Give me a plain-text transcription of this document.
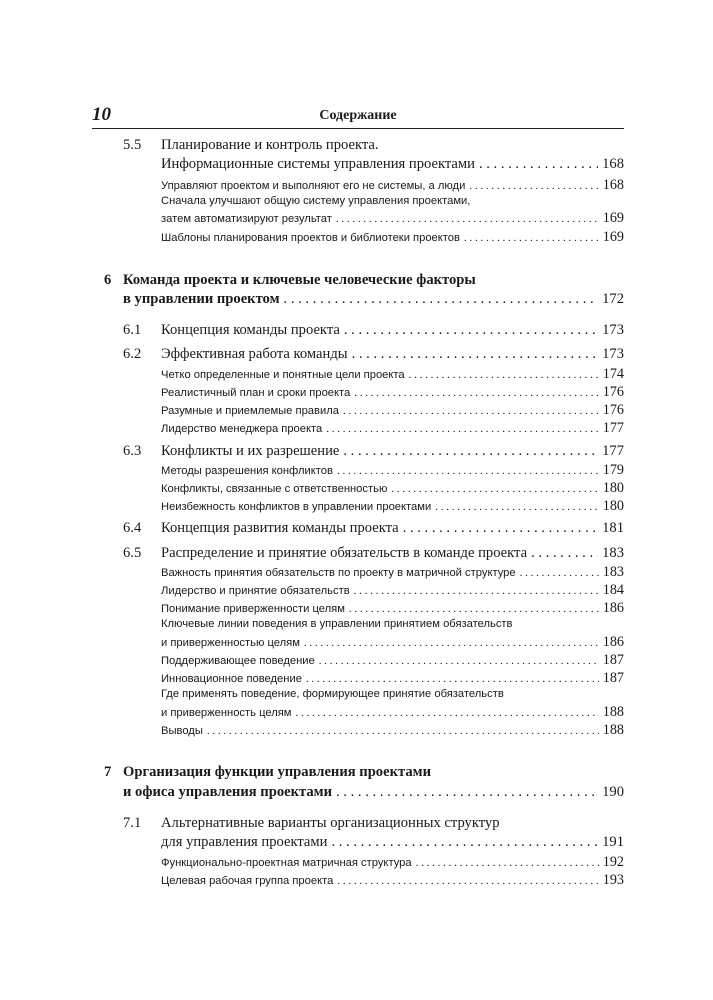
10	Содержание
5.5 Планирование и контроль проекта.
Информационные системы управления проектами . . .	168
Управляют проектом и выполняют его не системы, а люди . . .	168
Сначала улучшают общую систему управления проектами,
затем автоматизируют результат . . .	169
Шаблоны планирования проектов и библиотеки проектов . . .	169
6 Команда проекта и ключевые человеческие факторы
в управлении проектом . . .	172
6.1 Концепция команды проекта . . .	173
6.2 Эффективная работа команды . . .	173
Четко определенные и понятные цели проекта . . .	174
Реалистичный план и сроки проекта . . .	176
Разумные и приемлемые правила . . .	176
Лидерство менеджера проекта . . .	177
6.3 Конфликты и их разрешение . . .	177
Методы разрешения конфликтов . . .	179
Конфликты, связанные с ответственностью . . .	180
Неизбежность конфликтов в управлении проектами . . .	180
6.4 Концепция развития команды проекта . . .	181
6.5 Распределение и принятие обязательств в команде проекта . . .	183
Важность принятия обязательств по проекту в матричной структуре . . .	183
Лидерство и принятие обязательств . . .	184
Понимание приверженности целям . . .	186
Ключевые линии поведения в управлении принятием обязательств
и приверженностью целям . . .	186
Поддерживающее поведение . . .	187
Инновационное поведение . . .	187
Где применять поведение, формирующее принятие обязательств
и приверженность целям . . .	188
Выводы . . .	188
7 Организация функции управления проектами
и офиса управления проектами . . .	190
7.1 Альтернативные варианты организационных структур
для управления проектами . . .	191
Функционально-проектная матричная структура . . .	192
Целевая рабочая группа проекта . . .	193
